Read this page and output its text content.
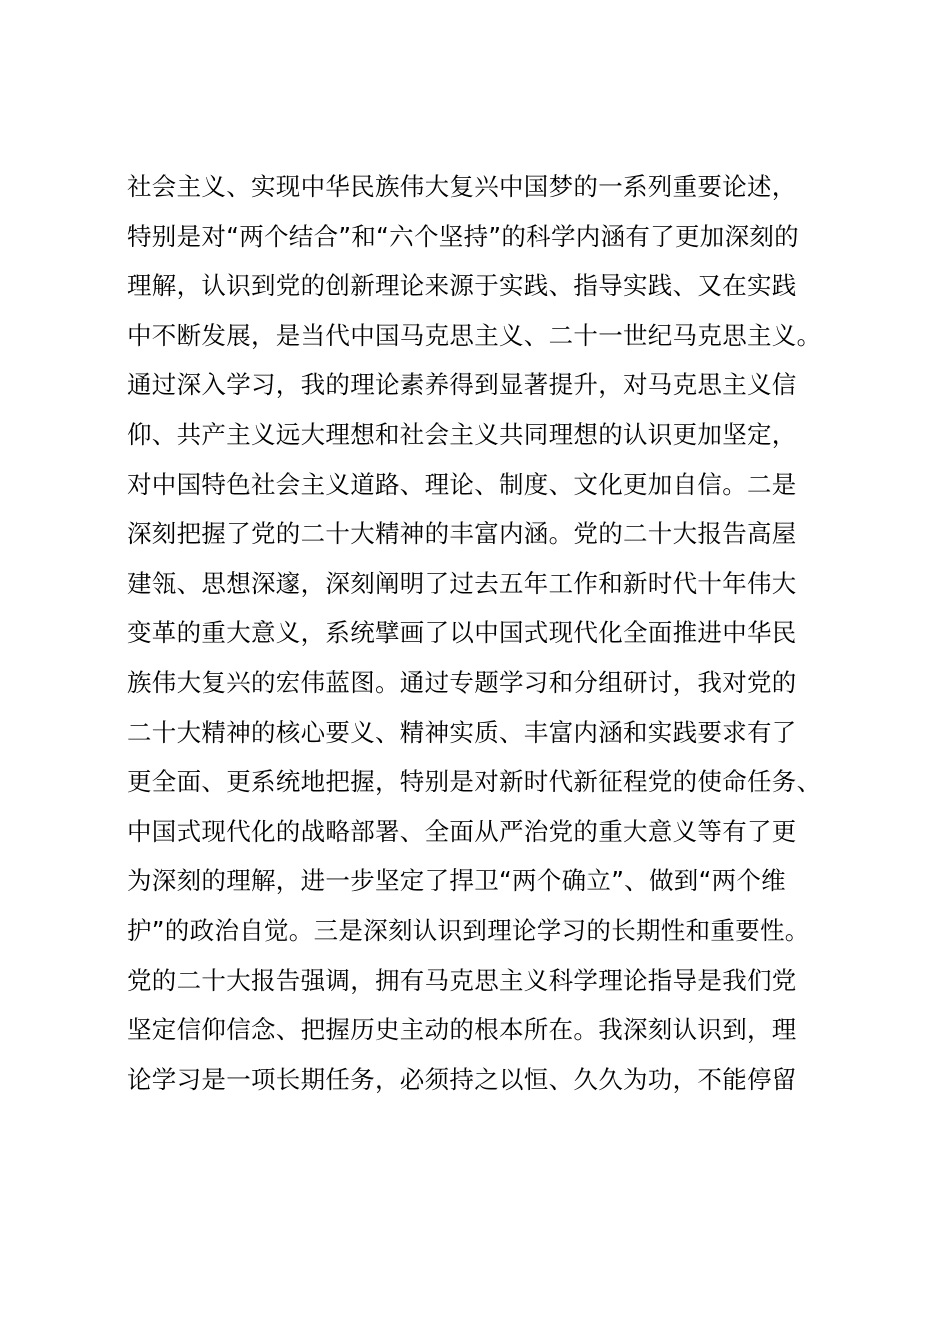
社会主义、实现中华民族伟大复兴中国梦的一系列重要论述，
特别是对“两个结合”和“六个坚持”的科学内涵有了更加深刻的
理解，认识到党的创新理论来源于实践、指导实践、又在实践
中不断发展，是当代中国马克思主义、二十一世纪马克思主义。
通过深入学习，我的理论素养得到显著提升，对马克思主义信
仰、共产主义远大理想和社会主义共同理想的认识更加坚定，
对中国特色社会主义道路、理论、制度、文化更加自信。二是
深刻把握了党的二十大精神的丰富内涵。党的二十大报告高屋
建瓴、思想深邃，深刻阐明了过去五年工作和新时代十年伟大
变革的重大意义，系统擘画了以中国式现代化全面推进中华民
族伟大复兴的宏伟蓝图。通过专题学习和分组研讨，我对党的
二十大精神的核心要义、精神实质、丰富内涵和实践要求有了
更全面、更系统地把握，特别是对新时代新征程党的使命任务、
中国式现代化的战略部署、全面从严治党的重大意义等有了更
为深刻的理解，进一步坚定了捍卫“两个确立”、做到“两个维
护”的政治自觉。三是深刻认识到理论学习的长期性和重要性。
党的二十大报告强调，拥有马克思主义科学理论指导是我们党
坚定信仰信念、把握历史主动的根本所在。我深刻认识到，理
论学习是一项长期任务，必须持之以恒、久久为功，不能停留
